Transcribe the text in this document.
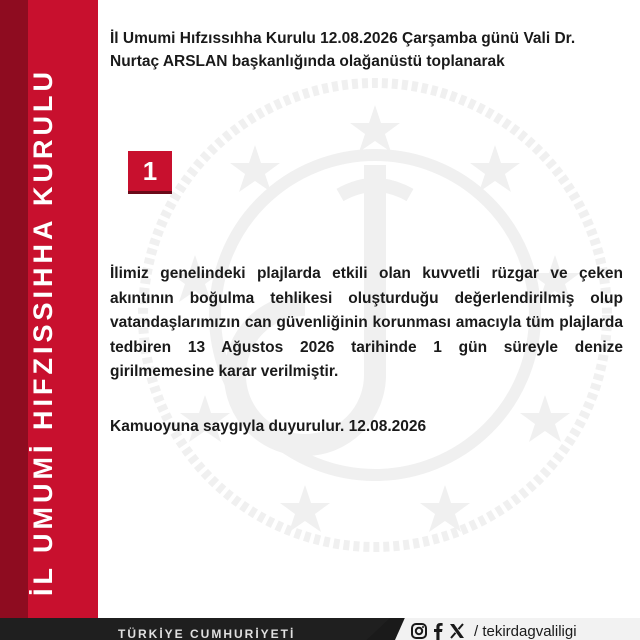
İL UMUMİ HIFZISSIHHA KURULU
İl Umumi Hıfzıssıhha Kurulu 12.08.2026 Çarşamba günü Vali Dr. Nurtaç ARSLAN başkanlığında olağanüstü toplanarak
1
İlimiz genelindeki plajlarda etkili olan kuvvetli rüzgar ve çeken akıntının boğulma tehlikesi oluşturduğu değerlendirilmiş olup vatandaşlarımızın can güvenliğinin korunması amacıyla tüm plajlarda tedbiren 13 Ağustos 2026 tarihinde 1 gün süreyle denize girilmemesine karar verilmiştir.
Kamuoyuna saygıyla duyurulur. 12.08.2026
TÜRKİYE CUMHURİYETİ	/ tekirdagvaliligi
